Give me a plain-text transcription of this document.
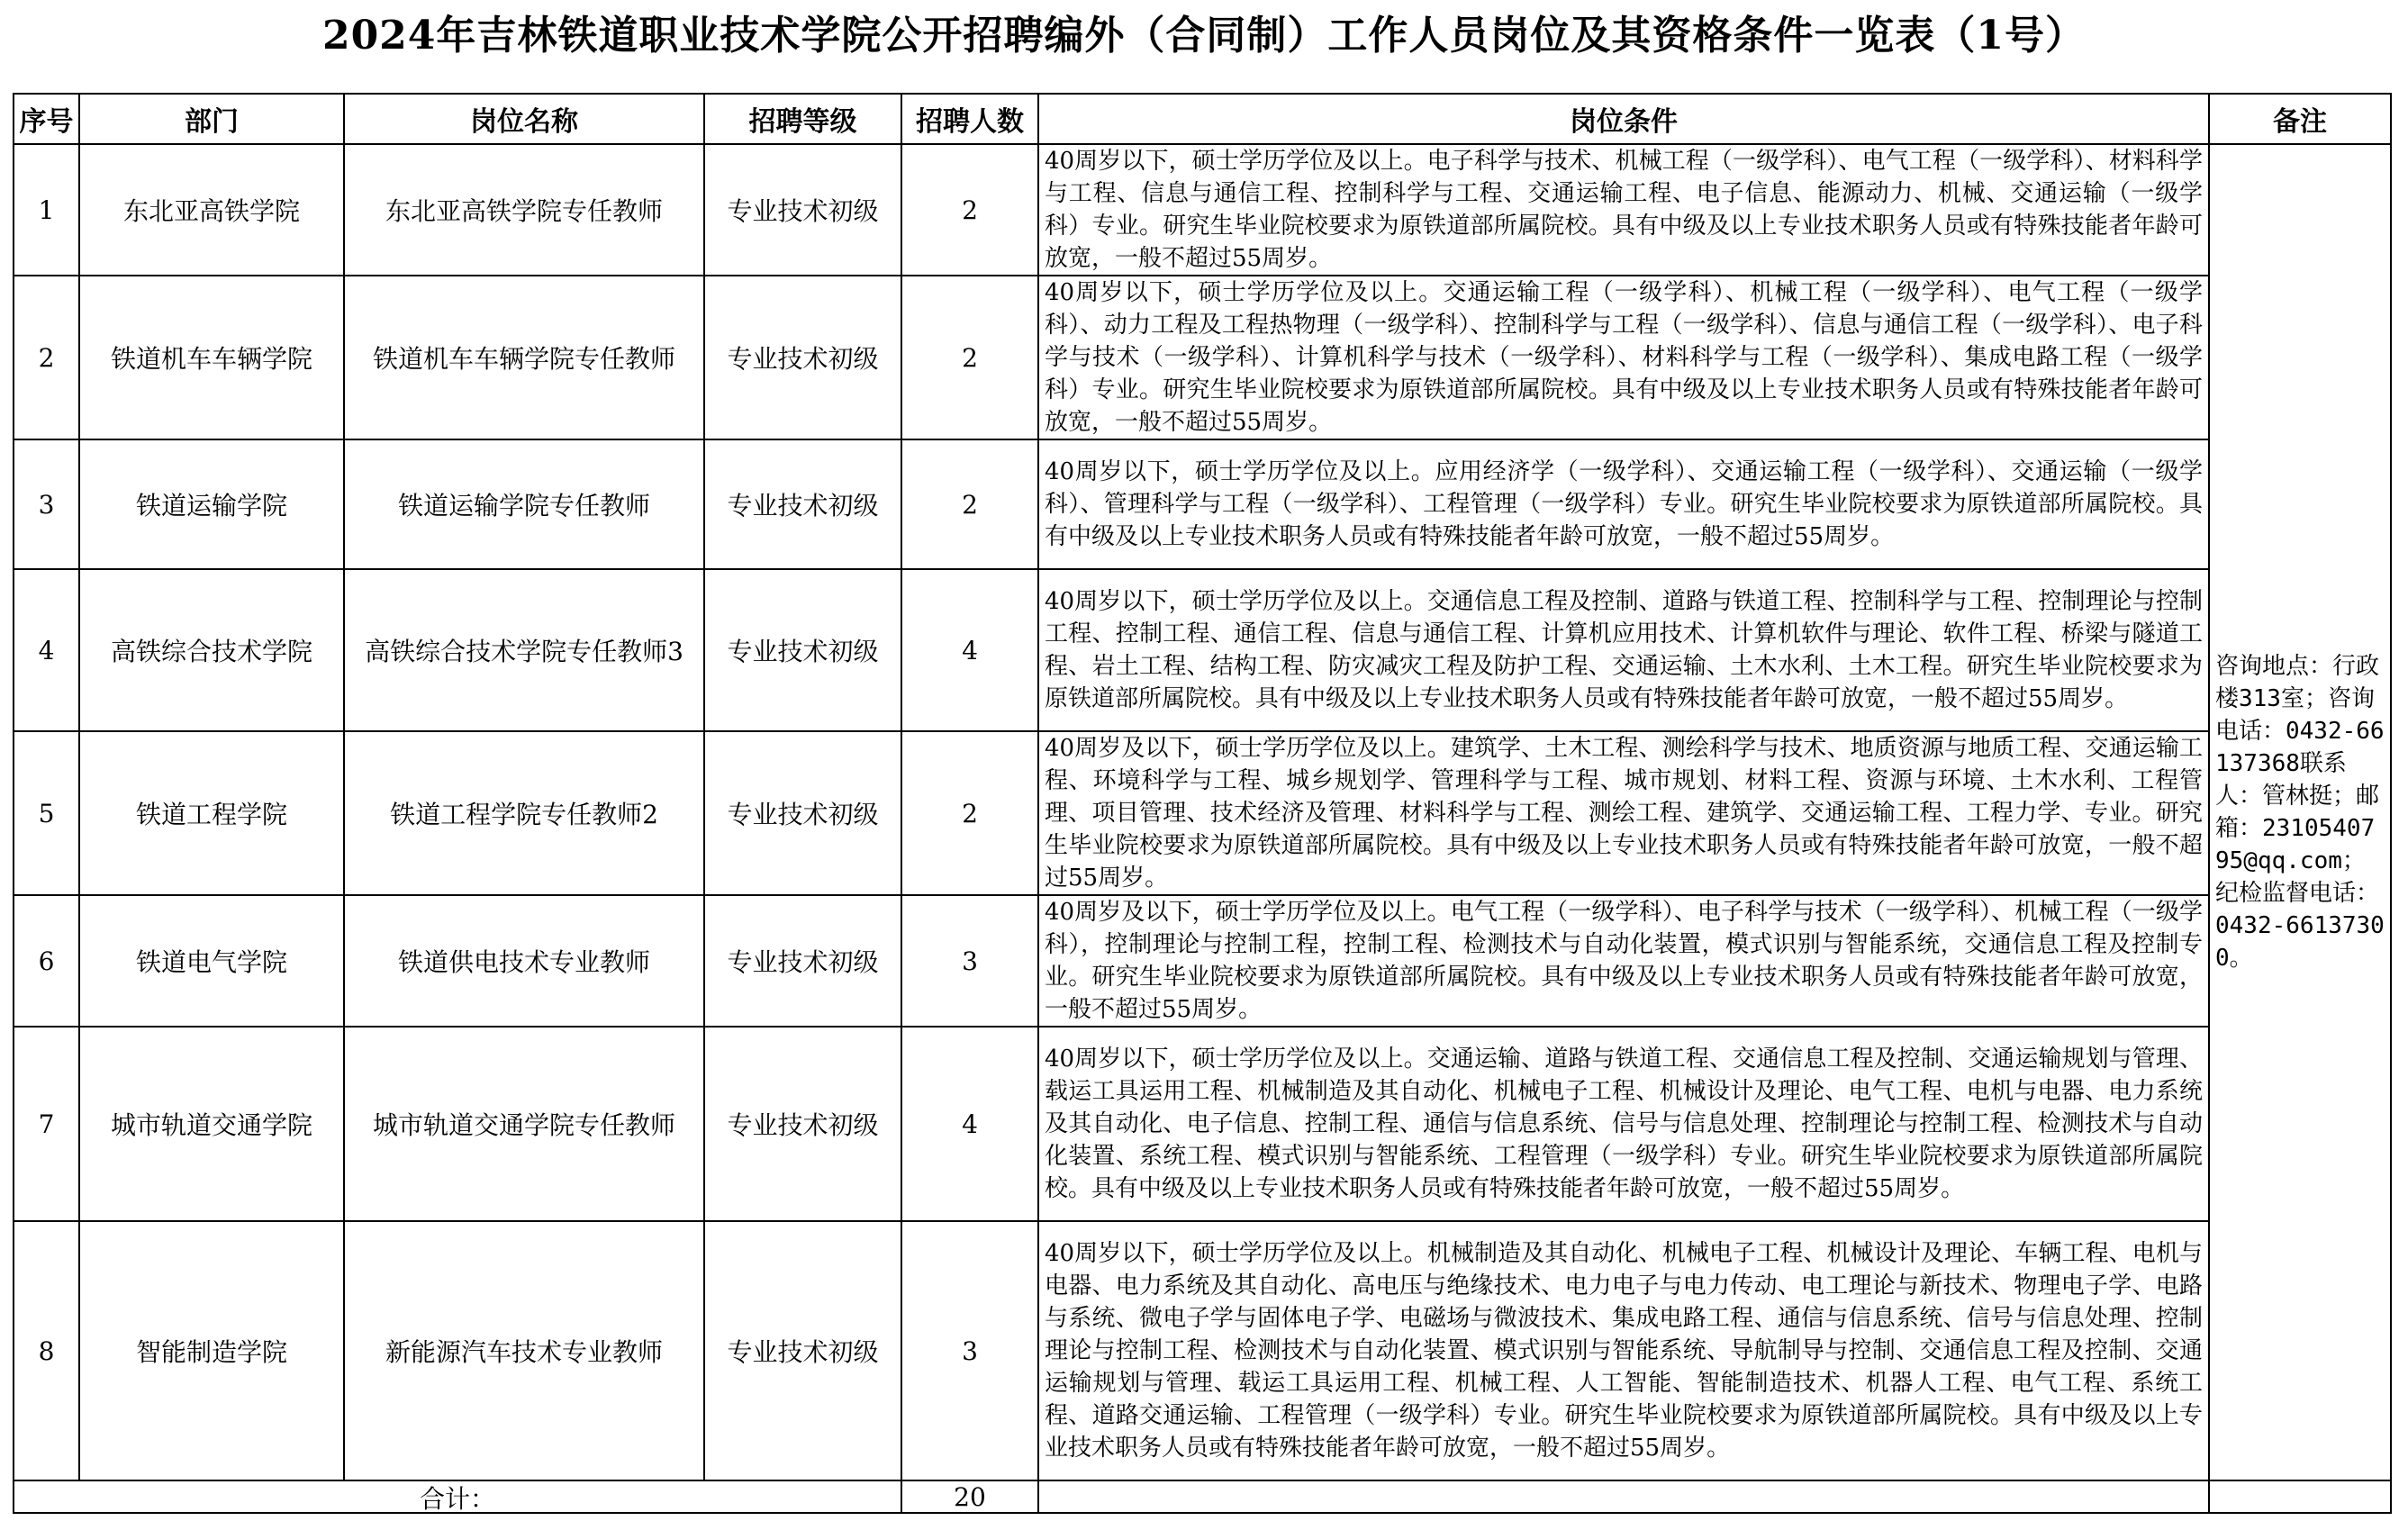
2024年吉林铁道职业技术学院公开招聘编外（合同制）工作人员岗位及其资格条件一览表（1号）
序号	部门	岗位名称	招聘等级	招聘人数	岗位条件	备注
1	东北亚高铁学院	东北亚高铁学院专任教师	专业技术初级	2	40周岁以下，硕士学历学位及以上。电子科学与技术、机械工程（一级学科）、电气工程（一级学科）、材料科学与工程、信息与通信工程、控制科学与工程、交通运输工程、电子信息、能源动力、机械、交通运输（一级学科）专业。研究生毕业院校要求为原铁道部所属院校。具有中级及以上专业技术职务人员或有特殊技能者年龄可放宽，一般不超过55周岁。	咨询地点：行政楼313室；咨询电话：0432-66137368联系人：管林挺；邮箱：2310540795@qq.com；纪检监督电话：0432-66137300。
2	铁道机车车辆学院	铁道机车车辆学院专任教师	专业技术初级	2	40周岁以下，硕士学历学位及以上。交通运输工程（一级学科）、机械工程（一级学科）、电气工程（一级学科）、动力工程及工程热物理（一级学科）、控制科学与工程（一级学科）、信息与通信工程（一级学科）、电子科学与技术（一级学科）、计算机科学与技术（一级学科）、材料科学与工程（一级学科）、集成电路工程（一级学科）专业。研究生毕业院校要求为原铁道部所属院校。具有中级及以上专业技术职务人员或有特殊技能者年龄可放宽，一般不超过55周岁。	
3	铁道运输学院	铁道运输学院专任教师	专业技术初级	2	40周岁以下，硕士学历学位及以上。应用经济学（一级学科）、交通运输工程（一级学科）、交通运输（一级学科）、管理科学与工程（一级学科）、工程管理（一级学科）专业。研究生毕业院校要求为原铁道部所属院校。具有中级及以上专业技术职务人员或有特殊技能者年龄可放宽，一般不超过55周岁。	
4	高铁综合技术学院	高铁综合技术学院专任教师3	专业技术初级	4	40周岁以下，硕士学历学位及以上。交通信息工程及控制、道路与铁道工程、控制科学与工程、控制理论与控制工程、控制工程、通信工程、信息与通信工程、计算机应用技术、计算机软件与理论、软件工程、桥梁与隧道工程、岩土工程、结构工程、防灾减灾工程及防护工程、交通运输、土木水利、土木工程。研究生毕业院校要求为原铁道部所属院校。具有中级及以上专业技术职务人员或有特殊技能者年龄可放宽，一般不超过55周岁。	
5	铁道工程学院	铁道工程学院专任教师2	专业技术初级	2	40周岁及以下，硕士学历学位及以上。建筑学、土木工程、测绘科学与技术、地质资源与地质工程、交通运输工程、环境科学与工程、城乡规划学、管理科学与工程、城市规划、材料工程、资源与环境、土木水利、工程管理、项目管理、技术经济及管理、材料科学与工程、测绘工程、建筑学、交通运输工程、工程力学、专业。研究生毕业院校要求为原铁道部所属院校。具有中级及以上专业技术职务人员或有特殊技能者年龄可放宽，一般不超过55周岁。	
6	铁道电气学院	铁道供电技术专业教师	专业技术初级	3	40周岁及以下，硕士学历学位及以上。电气工程（一级学科）、电子科学与技术（一级学科）、机械工程（一级学科），控制理论与控制工程，控制工程、检测技术与自动化装置，模式识别与智能系统，交通信息工程及控制专业。研究生毕业院校要求为原铁道部所属院校。具有中级及以上专业技术职务人员或有特殊技能者年龄可放宽，一般不超过55周岁。	
7	城市轨道交通学院	城市轨道交通学院专任教师	专业技术初级	4	40周岁以下，硕士学历学位及以上。交通运输、道路与铁道工程、交通信息工程及控制、交通运输规划与管理、载运工具运用工程、机械制造及其自动化、机械电子工程、机械设计及理论、电气工程、电机与电器、电力系统及其自动化、电子信息、控制工程、通信与信息系统、信号与信息处理、控制理论与控制工程、检测技术与自动化装置、系统工程、模式识别与智能系统、工程管理（一级学科）专业。研究生毕业院校要求为原铁道部所属院校。具有中级及以上专业技术职务人员或有特殊技能者年龄可放宽，一般不超过55周岁。	
8	智能制造学院	新能源汽车技术专业教师	专业技术初级	3	40周岁以下，硕士学历学位及以上。机械制造及其自动化、机械电子工程、机械设计及理论、车辆工程、电机与电器、电力系统及其自动化、高电压与绝缘技术、电力电子与电力传动、电工理论与新技术、物理电子学、电路与系统、微电子学与固体电子学、电磁场与微波技术、集成电路工程、通信与信息系统、信号与信息处理、控制理论与控制工程、检测技术与自动化装置、模式识别与智能系统、导航制导与控制、交通信息工程及控制、交通运输规划与管理、载运工具运用工程、机械工程、人工智能、智能制造技术、机器人工程、电气工程、系统工程、道路交通运输、工程管理（一级学科）专业。研究生毕业院校要求为原铁道部所属院校。具有中级及以上专业技术职务人员或有特殊技能者年龄可放宽，一般不超过55周岁。	
合计：				20		
